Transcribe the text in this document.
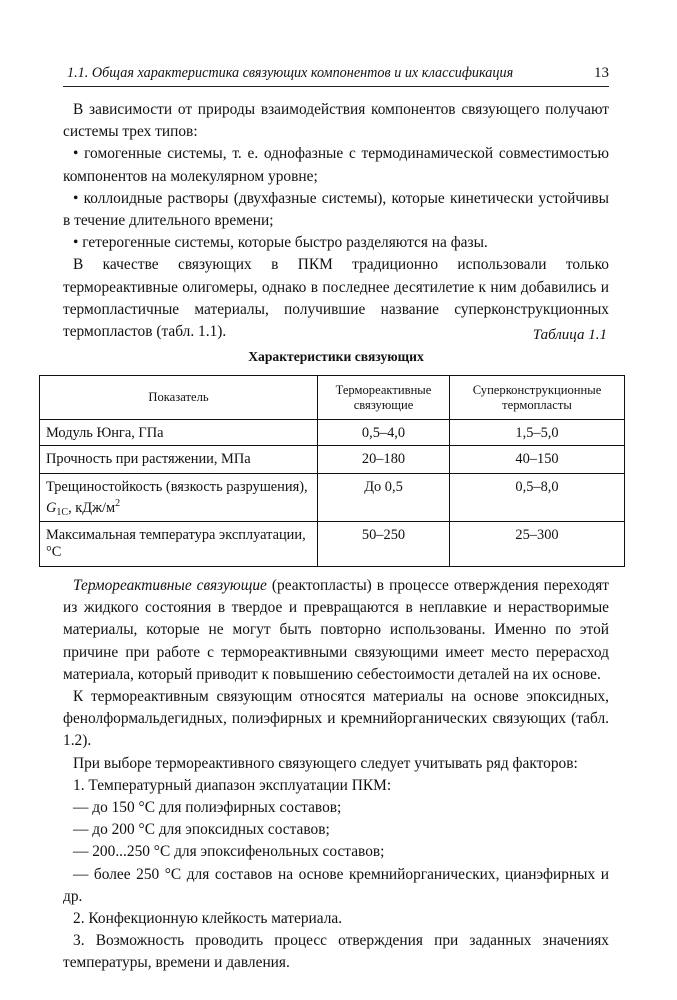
1.1. Общая характеристика связующих компонентов и их классификация	13

В зависимости от природы взаимодействия компонентов связующего получают системы трех типов:

• гомогенные системы, т. е. однофазные с термодинамической совместимостью компонентов на молекулярном уровне;

• коллоидные растворы (двухфазные системы), которые кинетически устойчивы в течение длительного времени;

• гетерогенные системы, которые быстро разделяются на фазы.

В качестве связующих в ПКМ традиционно использовали только термореактивные олигомеры, однако в последнее десятилетие к ним добавились и термопластичные материалы, получившие название суперконструкционных термопластов (табл. 1.1).	Таблица 1.1
Характеристики связующих
Показатель	Термореактивные связующие	Суперконструкционные термопласты
Модуль Юнга, ГПа	0,5–4,0	1,5–5,0
Прочность при растяжении, МПа	20–180	40–150
Трещиностойкость (вязкость разрушения), $G_{1C}$, кДж/$м^2$	До 0,5	0,5–8,0
Максимальная температура эксплуатации, °С	50–250	25–300

Термореактивные связующие (реактопласты) в процессе отверждения переходят из жидкого состояния в твердое и превращаются в неплавкие и нерастворимые материалы, которые не могут быть повторно использованы. Именно по этой причине при работе с термореактивными связующими имеет место перерасход материала, который приводит к повышению себестоимости деталей на их основе.

К термореактивным связующим относятся материалы на основе эпоксидных, фенолформальдегидных, полиэфирных и кремнийорганических связующих (табл. 1.2).

При выборе термореактивного связующего следует учитывать ряд факторов:

1. Температурный диапазон эксплуатации ПКМ:

— до 150 °С для полиэфирных составов;

— до 200 °С для эпоксидных составов;

— 200...250 °С для эпоксифенольных составов;

— более 250 °С для составов на основе кремнийорганических, цианэфирных и др.

2. Конфекционную клейкость материала.

3. Возможность проводить процесс отверждения при заданных значениях температуры, времени и давления.
